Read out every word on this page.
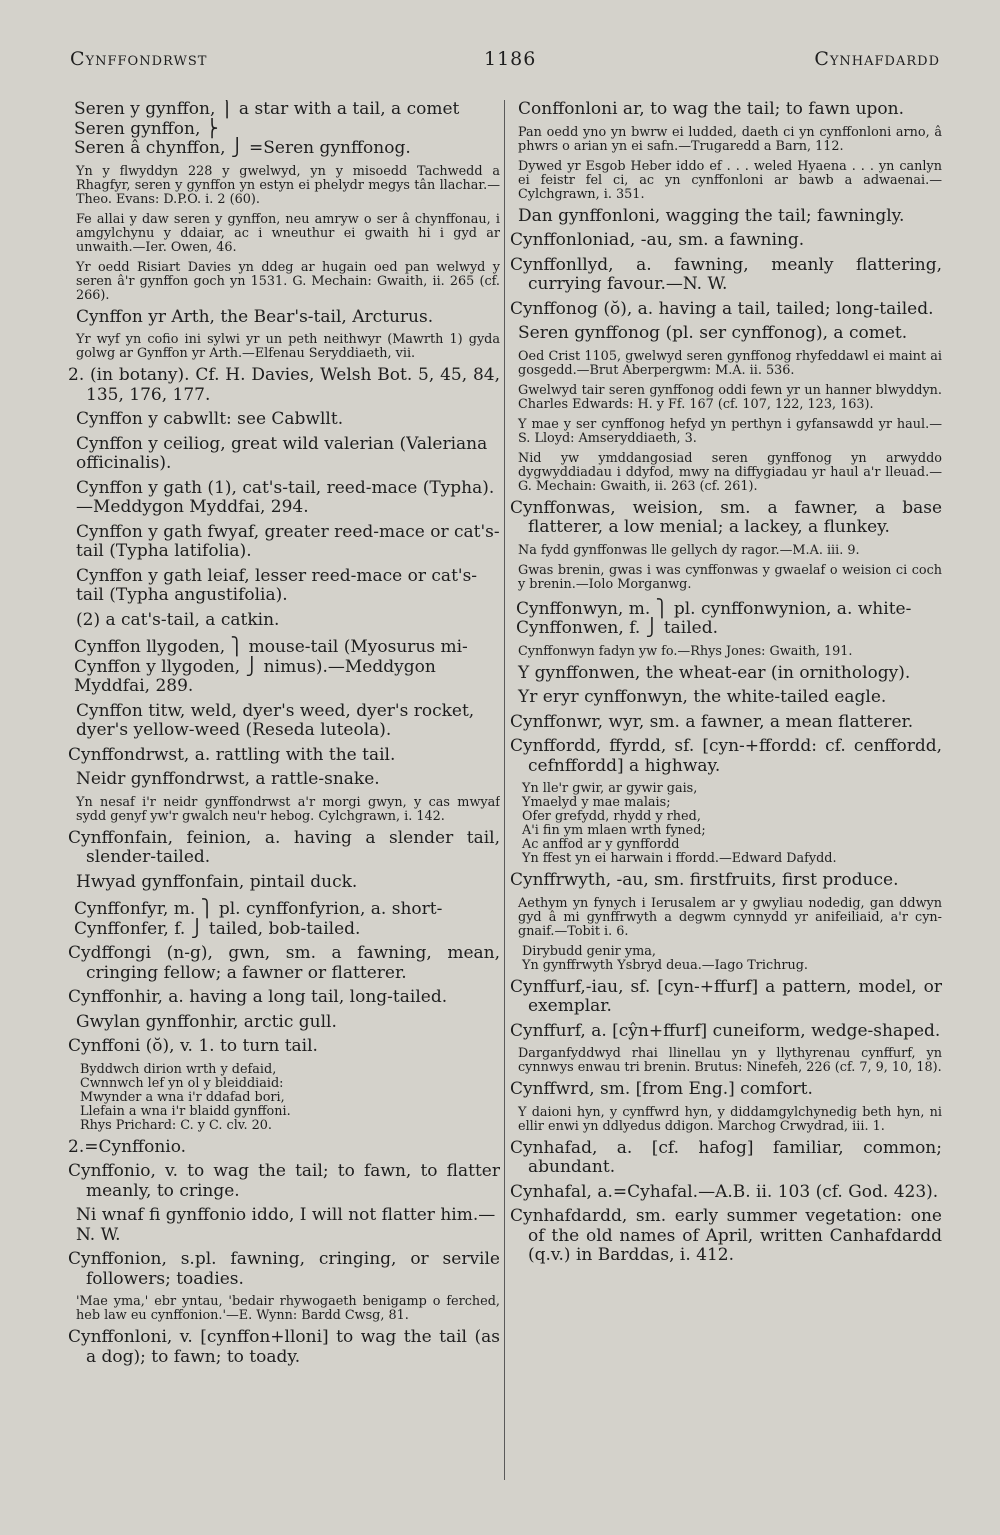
Cynffondrwst	1186	Cynhafdardd

Seren y gynffon, ⎫ a star with a tail, a comet
Seren gynffon, ⎬
Seren â chynffon, ⎭ =Seren gynffonog.

Yn y flwyddyn 228 y gwelwyd, yn y misoedd Tachwedd a Rhagfyr, seren y gynffon yn estyn ei phelydr megys tân llachar.—Theo. Evans: D.P.O. i. 2 (60).

Fe allai y daw seren y gynffon, neu amryw o ser â chynffonau, i amgylchynu y ddaiar, ac i wneuthur ei gwaith hi i gyd ar unwaith.—Ier. Owen, 46.

Yr oedd Risiart Davies yn ddeg ar hugain oed pan welwyd y seren â'r gynffon goch yn 1531. G. Mechain: Gwaith, ii. 265 (cf. 266).

Cynffon yr Arth, the Bear's-tail, Arcturus.

Yr wyf yn cofio ini sylwi yr un peth neithwyr (Mawrth 1) gyda golwg ar Gynffon yr Arth.—Elfenau Seryddiaeth, vii.

2. (in botany). Cf. H. Davies, Welsh Bot. 5, 45, 84, 135, 176, 177.

Cynffon y cabwllt: see Cabwllt.

Cynffon y ceiliog, great wild valerian (Valeriana officinalis).

Cynffon y gath (1), cat's-tail, reed-mace (Typha). —Meddygon Myddfai, 294.

Cynffon y gath fwyaf, greater reed-mace or cat's-tail (Typha latifolia).

Cynffon y gath leiaf, lesser reed-mace or cat's-tail (Typha angustifolia).

(2) a cat's-tail, a catkin.

Cynffon llygoden, ⎫ mouse-tail (Myosurus mi-
Cynffon y llygoden, ⎭ nimus).—Meddygon Myddfai, 289.

Cynffon titw, weld, dyer's weed, dyer's rocket, dyer's yellow-weed (Reseda luteola).

Cynffondrwst, a. rattling with the tail.

Neidr gynffondrwst, a rattle-snake.

Yn nesaf i'r neidr gynffondrwst a'r morgi gwyn, y cas mwyaf sydd genyf yw'r gwalch neu'r hebog. Cylchgrawn, i. 142.

Cynffonfain, feinion, a. having a slender tail, slender-tailed.

Hwyad gynffonfain, pintail duck.

Cynffonfyr, m. ⎫ pl. cynffonfyrion, a. short-
Cynffonfer, f. ⎭ tailed, bob-tailed.

Cydffongi (n-g), gwn, sm. a fawning, mean, cringing fellow; a fawner or flatterer.

Cynffonhir, a. having a long tail, long-tailed.

Gwylan gynffonhir, arctic gull.

Cynffoni (ŏ), v. 1. to turn tail.

Byddwch dirion wrth y defaid,
Cwnnwch lef yn ol y bleiddiaid:
Mwynder a wna i'r ddafad bori,
Llefain a wna i'r blaidd gynffoni.
Rhys Prichard: C. y C. clv. 20.

2.=Cynffonio.

Cynffonio, v. to wag the tail; to fawn, to flatter meanly, to cringe.

Ni wnaf fi gynffonio iddo, I will not flatter him.—N. W.

Cynffonion, s.pl. fawning, cringing, or servile followers; toadies.

'Mae yma,' ebr yntau, 'bedair rhywogaeth benigamp o ferched, heb law eu cynffonion.'—E. Wynn: Bardd Cwsg, 81.

Cynffonloni, v. [cynffon+lloni] to wag the tail (as a dog); to fawn; to toady.

Conffonloni ar, to wag the tail; to fawn upon.

Pan oedd yno yn bwrw ei ludded, daeth ci yn cynffonloni arno, â phwrs o arian yn ei safn.—Trugaredd a Barn, 112.

Dywed yr Esgob Heber iddo ef . . . weled Hyaena . . . yn canlyn ei feistr fel ci, ac yn cynffonloni ar bawb a adwaenai.—Cylchgrawn, i. 351.

Dan gynffonloni, wagging the tail; fawningly.

Cynffonloniad, -au, sm. a fawning.

Cynffonllyd, a. fawning, meanly flattering, currying favour.—N. W.

Cynffonog (ŏ), a. having a tail, tailed; long-tailed.

Seren gynffonog (pl. ser cynffonog), a comet.

Oed Crist 1105, gwelwyd seren gynffonog rhyfeddawl ei maint ai gosgedd.—Brut Aberpergwm: M.A. ii. 536.

Gwelwyd tair seren gynffonog oddi fewn yr un hanner blwyddyn. Charles Edwards: H. y Ff. 167 (cf. 107, 122, 123, 163).

Y mae y ser cynffonog hefyd yn perthyn i gyfansawdd yr haul.—S. Lloyd: Amseryddiaeth, 3.

Nid yw ymddangosiad seren gynffonog yn arwyddo dygwyddiadau i ddyfod, mwy na diffygiadau yr haul a'r lleuad.—G. Mechain: Gwaith, ii. 263 (cf. 261).

Cynffonwas, weision, sm. a fawner, a base flatterer, a low menial; a lackey, a flunkey.

Na fydd gynffonwas lle gellych dy ragor.—M.A. iii. 9.

Gwas brenin, gwas i was cynffonwas y gwaelaf o weision ci coch y brenin.—Iolo Morganwg.

Cynffonwyn, m. ⎫ pl. cynffonwynion, a. white-
Cynffonwen, f. ⎭ tailed.

Cynffonwyn fadyn yw fo.—Rhys Jones: Gwaith, 191.

Y gynffonwen, the wheat-ear (in ornithology).

Yr eryr cynffonwyn, the white-tailed eagle.

Cynffonwr, wyr, sm. a fawner, a mean flatterer.

Cynffordd, ffyrdd, sf. [cyn-+ffordd: cf. cenffordd, cefnffordd] a highway.

Yn lle'r gwir, ar gywir gais,
Ymaelyd y mae malais;
Ofer grefydd, rhydd y rhed,
A'i fin ym mlaen wrth fyned;
Ac anffod ar y gynffordd
Yn ffest yn ei harwain i ffordd.—Edward Dafydd.

Cynffrwyth, -au, sm. firstfruits, first produce.

Aethym yn fynych i Ierusalem ar y gwyliau nodedig, gan ddwyn gyd â mi gynffrwyth a degwm cynnydd yr anifeiliaid, a'r cyn-gnaif.—Tobit i. 6.

Dirybudd genir yma,
Yn gynffrwyth Ysbryd deua.—Iago Trichrug.

Cynffurf,-iau, sf. [cyn-+ffurf] a pattern, model, or exemplar.

Cynffurf, a. [cŷn+ffurf] cuneiform, wedge-shaped.

Darganfyddwyd rhai llinellau yn y llythyrenau cynffurf, yn cynnwys enwau tri brenin. Brutus: Ninefeh, 226 (cf. 7, 9, 10, 18).

Cynffwrd, sm. [from Eng.] comfort.

Y daioni hyn, y cynffwrd hyn, y diddamgylchynedig beth hyn, ni ellir enwi yn ddlyedus ddigon. Marchog Crwydrad, iii. 1.

Cynhafad, a. [cf. hafog] familiar, common; abundant.

Cynhafal, a.=Cyhafal.—A.B. ii. 103 (cf. God. 423).

Cynhafdardd, sm. early summer vegetation: one of the old names of April, written Canhafdardd (q.v.) in Barddas, i. 412.
